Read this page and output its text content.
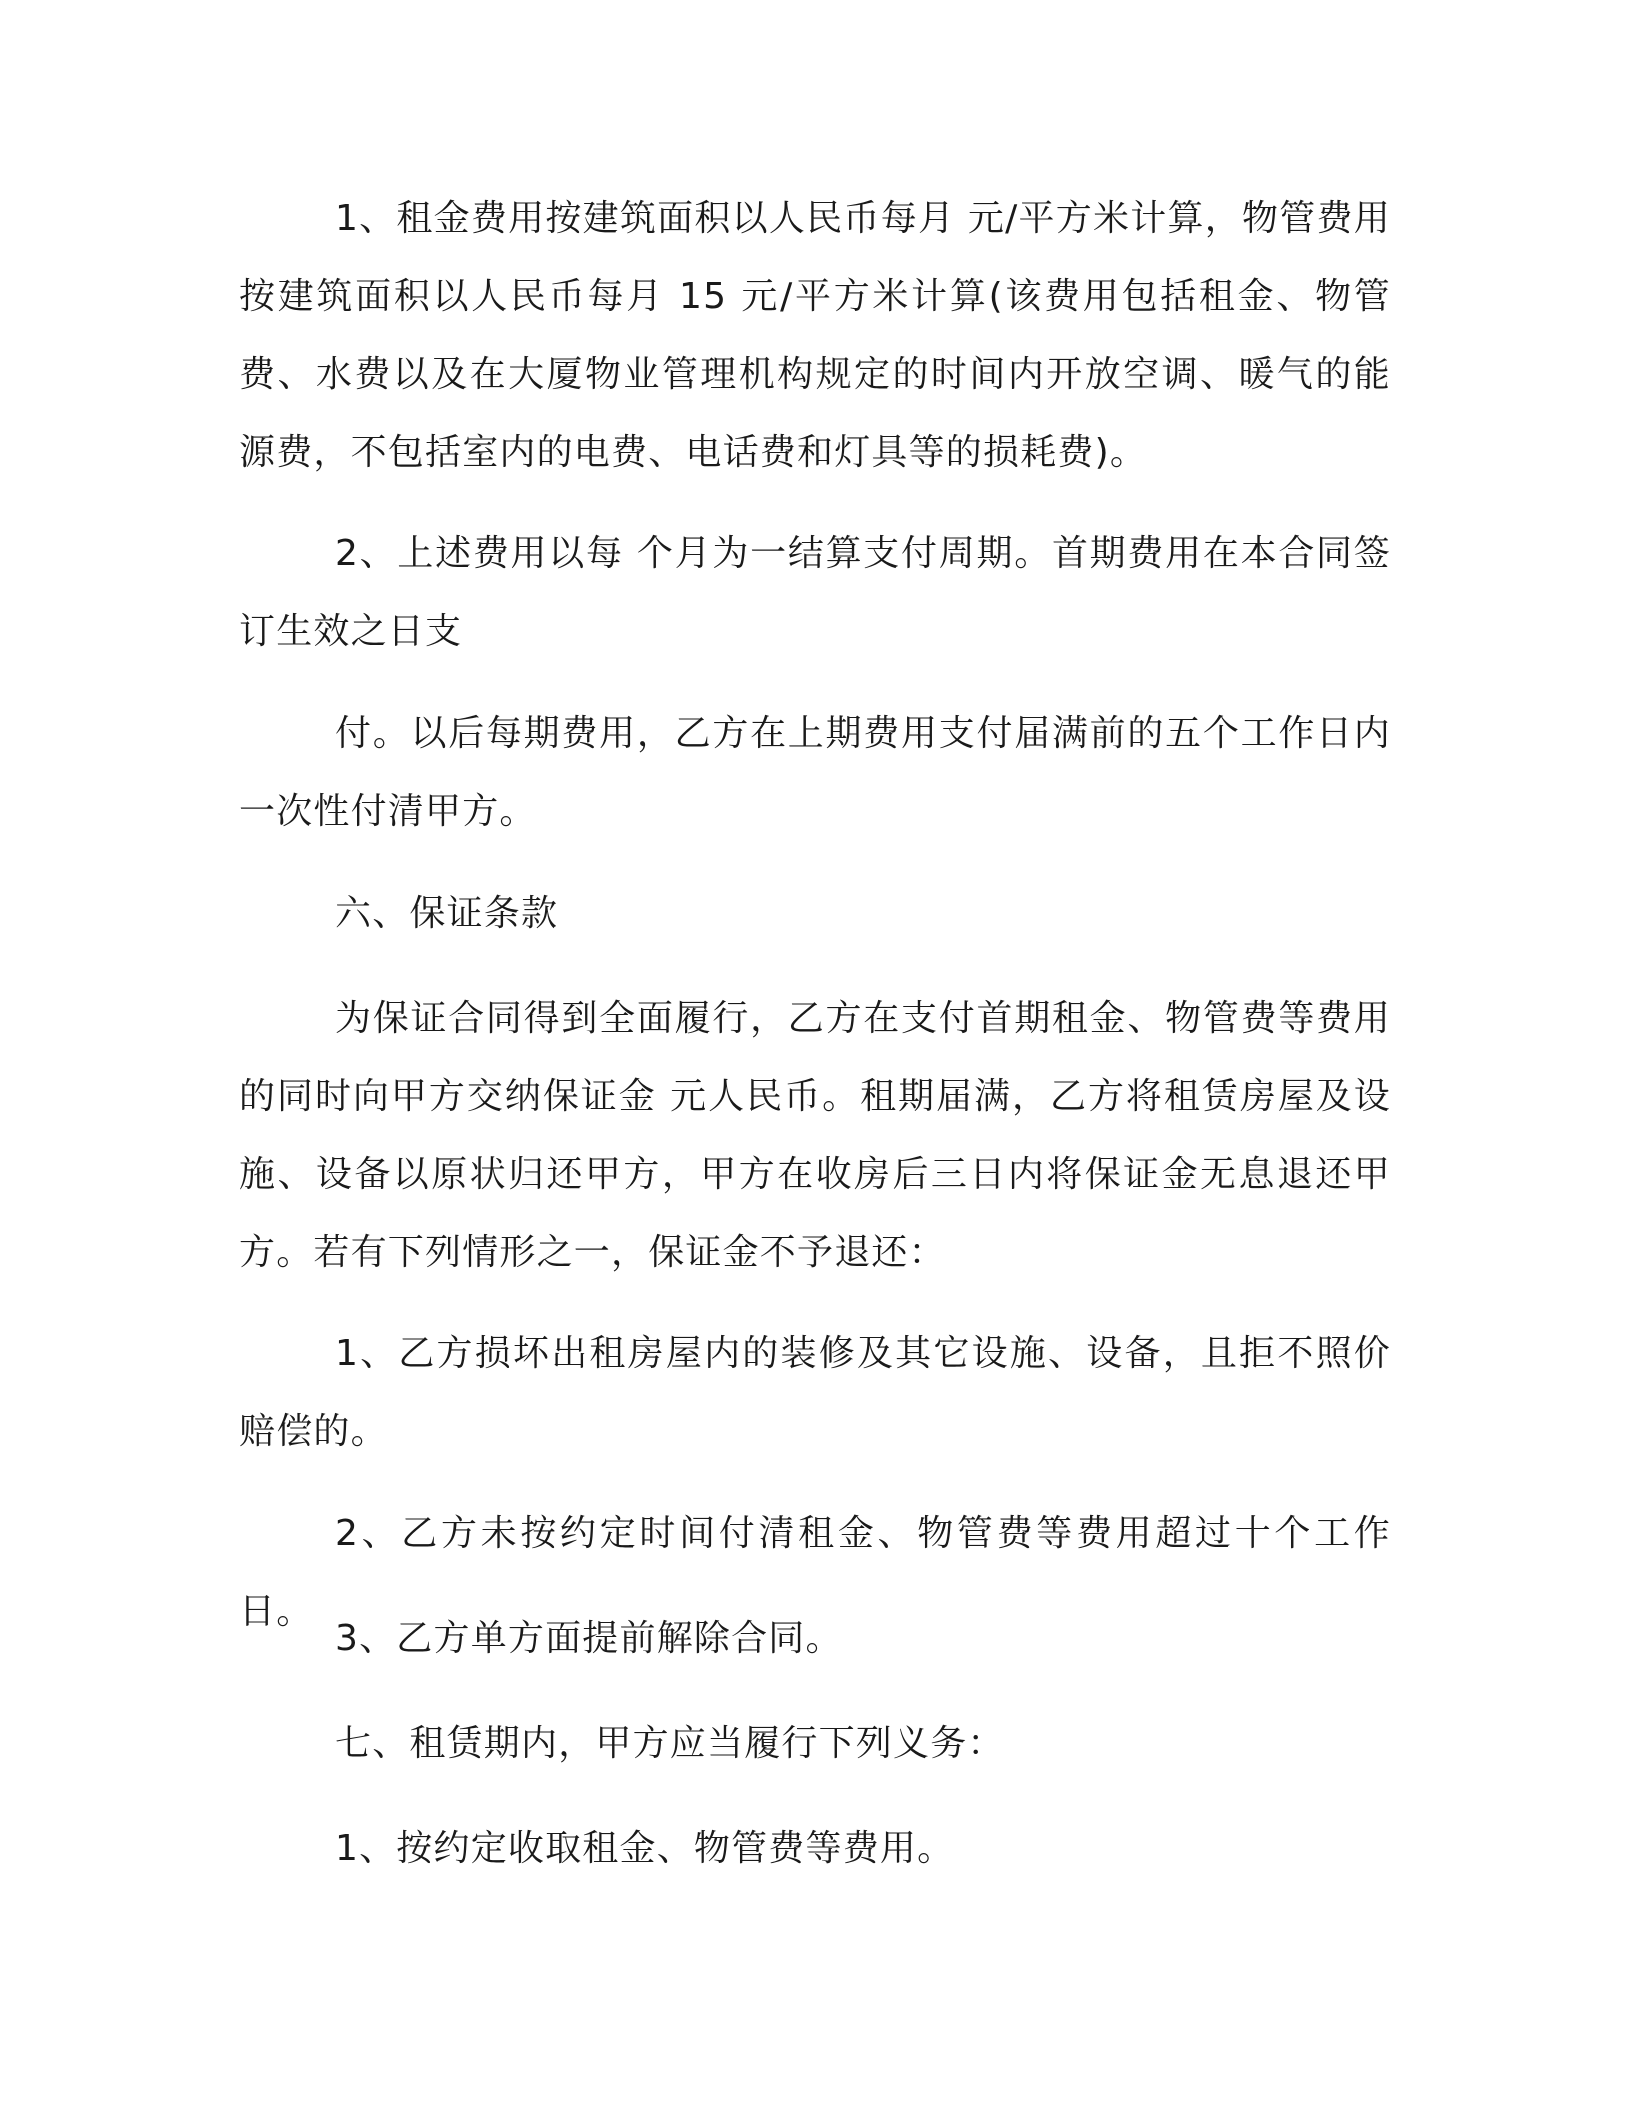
1、租金费用按建筑面积以人民币每月 元/平方米计算，物管费用按建筑面积以人民币每月 15 元/平方米计算(该费用包括租金、物管费、水费以及在大厦物业管理机构规定的时间内开放空调、暖气的能源费，不包括室内的电费、电话费和灯具等的损耗费)。

2、上述费用以每 个月为一结算支付周期。首期费用在本合同签订生效之日支

付。以后每期费用，乙方在上期费用支付届满前的五个工作日内一次性付清甲方。

六、保证条款

为保证合同得到全面履行，乙方在支付首期租金、物管费等费用的同时向甲方交纳保证金 元人民币。租期届满，乙方将租赁房屋及设施、设备以原状归还甲方，甲方在收房后三日内将保证金无息退还甲方。若有下列情形之一，保证金不予退还：

1、乙方损坏出租房屋内的装修及其它设施、设备，且拒不照价赔偿的。

2、乙方未按约定时间付清租金、物管费等费用超过十个工作日。

3、乙方单方面提前解除合同。

七、租赁期内，甲方应当履行下列义务：

1、按约定收取租金、物管费等费用。
